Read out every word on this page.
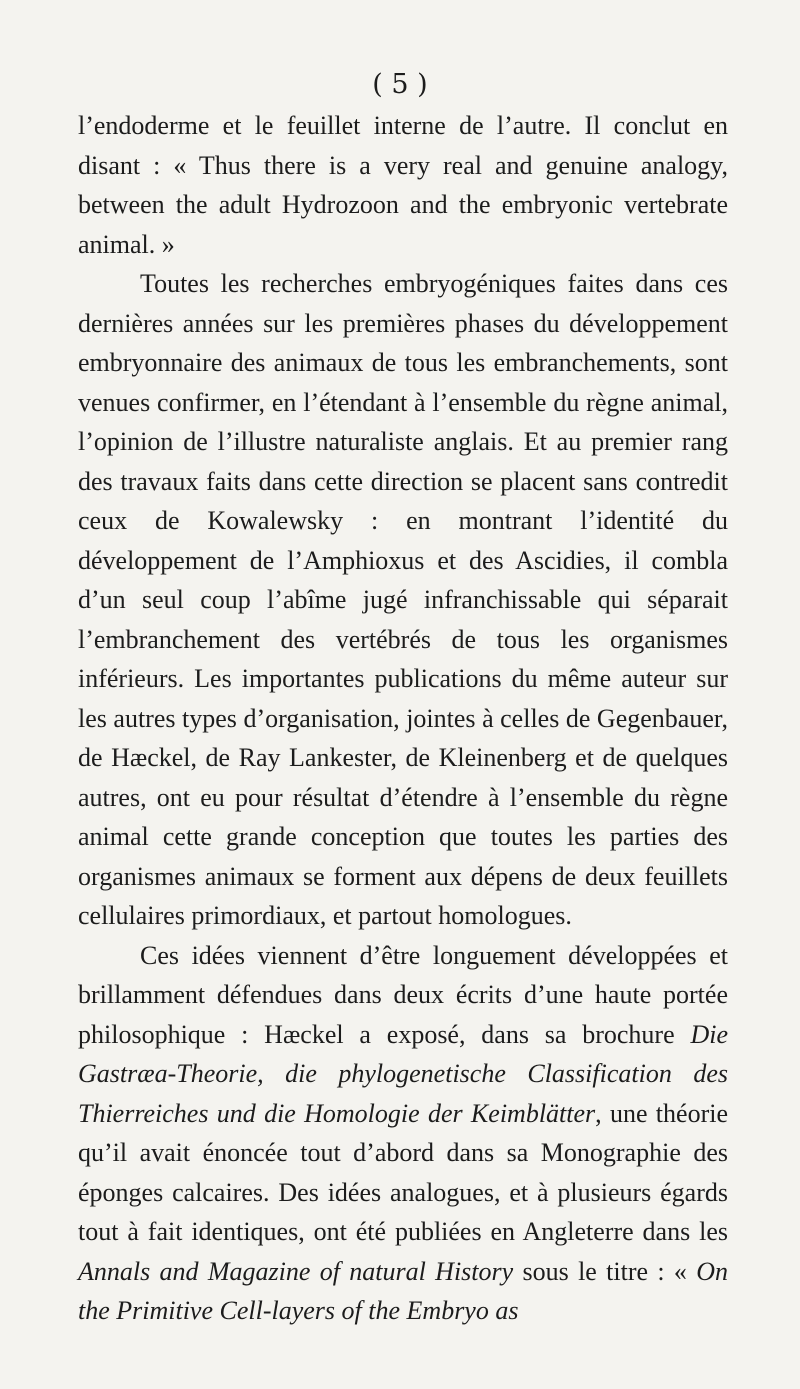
( 5 )

l’endoderme et le feuillet interne de l’autre. Il conclut en disant : « Thus there is a very real and genuine analogy, between the adult Hydrozoon and the embryonic vertebrate animal. »

Toutes les recherches embryogéniques faites dans ces dernières années sur les premières phases du développement embryonnaire des animaux de tous les embranchements, sont venues confirmer, en l’étendant à l’ensemble du règne animal, l’opinion de l’illustre naturaliste anglais. Et au premier rang des travaux faits dans cette direction se placent sans contredit ceux de Kowalewsky : en montrant l’identité du développement de l’Amphioxus et des Ascidies, il combla d’un seul coup l’abîme jugé infranchissable qui séparait l’embranchement des vertébrés de tous les organismes inférieurs. Les importantes publications du même auteur sur les autres types d’organisation, jointes à celles de Gegenbauer, de Hæckel, de Ray Lankester, de Kleinenberg et de quelques autres, ont eu pour résultat d’étendre à l’ensemble du règne animal cette grande conception que toutes les parties des organismes animaux se forment aux dépens de deux feuillets cellulaires primordiaux, et partout homologues.

Ces idées viennent d’être longuement développées et brillamment défendues dans deux écrits d’une haute portée philosophique : Hæckel a exposé, dans sa brochure Die Gastræa-Theorie, die phylogenetische Classification des Thierreiches und die Homologie der Keimblätter, une théorie qu’il avait énoncée tout d’abord dans sa Monographie des éponges calcaires. Des idées analogues, et à plusieurs égards tout à fait identiques, ont été publiées en Angleterre dans les Annals and Magazine of natural History sous le titre : « On the Primitive Cell-layers of the Embryo as
